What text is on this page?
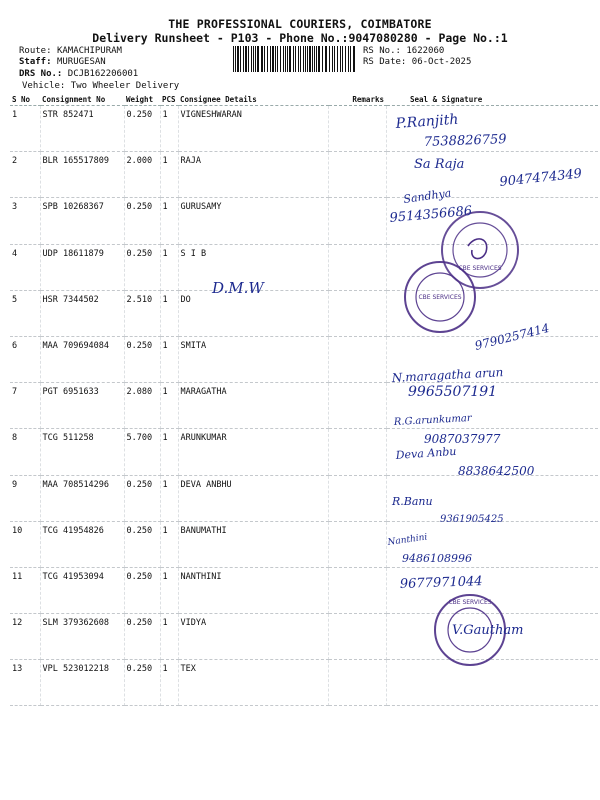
THE PROFESSIONAL COURIERS, COIMBATORE
Delivery Runsheet - P103 - Phone No.:9047080280 - Page No.:1
Route: KAMACHIPURAM
Staff: MURUGESAN
DRS No.: DCJB162206001
Vehicle: Two Wheeler Delivery
RS No.: 1622060
RS Date: 06-Oct-2025
S No	Consignment No	Weight	PCS	Consignee Details	Remarks	Seal & Signature
1	STR 852471	0.250	1	VIGNESHWARAN		
2	BLR 165517809	2.000	1	RAJA		
3	SPB 10268367	0.250	1	GURUSAMY		
4	UDP 18611879	0.250	1	S I B		
5	HSR 7344502	2.510	1	DO		
6	MAA 709694084	0.250	1	SMITA		
7	PGT 6951633	2.080	1	MARAGATHA		
8	TCG 511258	5.700	1	ARUNKUMAR		
9	MAA 708514296	0.250	1	DEVA ANBHU		
10	TCG 41954826	0.250	1	BANUMATHI		
11	TCG 41953094	0.250	1	NANTHINI		
12	SLM 379362608	0.250	1	VIDYA		
13	VPL 523012218	0.250	1	TEX		
CBE SERVICES
CBE SERVICES
CBE SERVICES
P.Ranjith
7538826759
Sa Raja
9047474349
Sandhya
9514356686
D.M.W
9790257414
N.maragatha arun
9965507191
R.G.arunkumar
9087037977
Deva Anbu
8838642500
R.Banu
9361905425
Nanthini
9486108996
9677971044
V.Gautham
